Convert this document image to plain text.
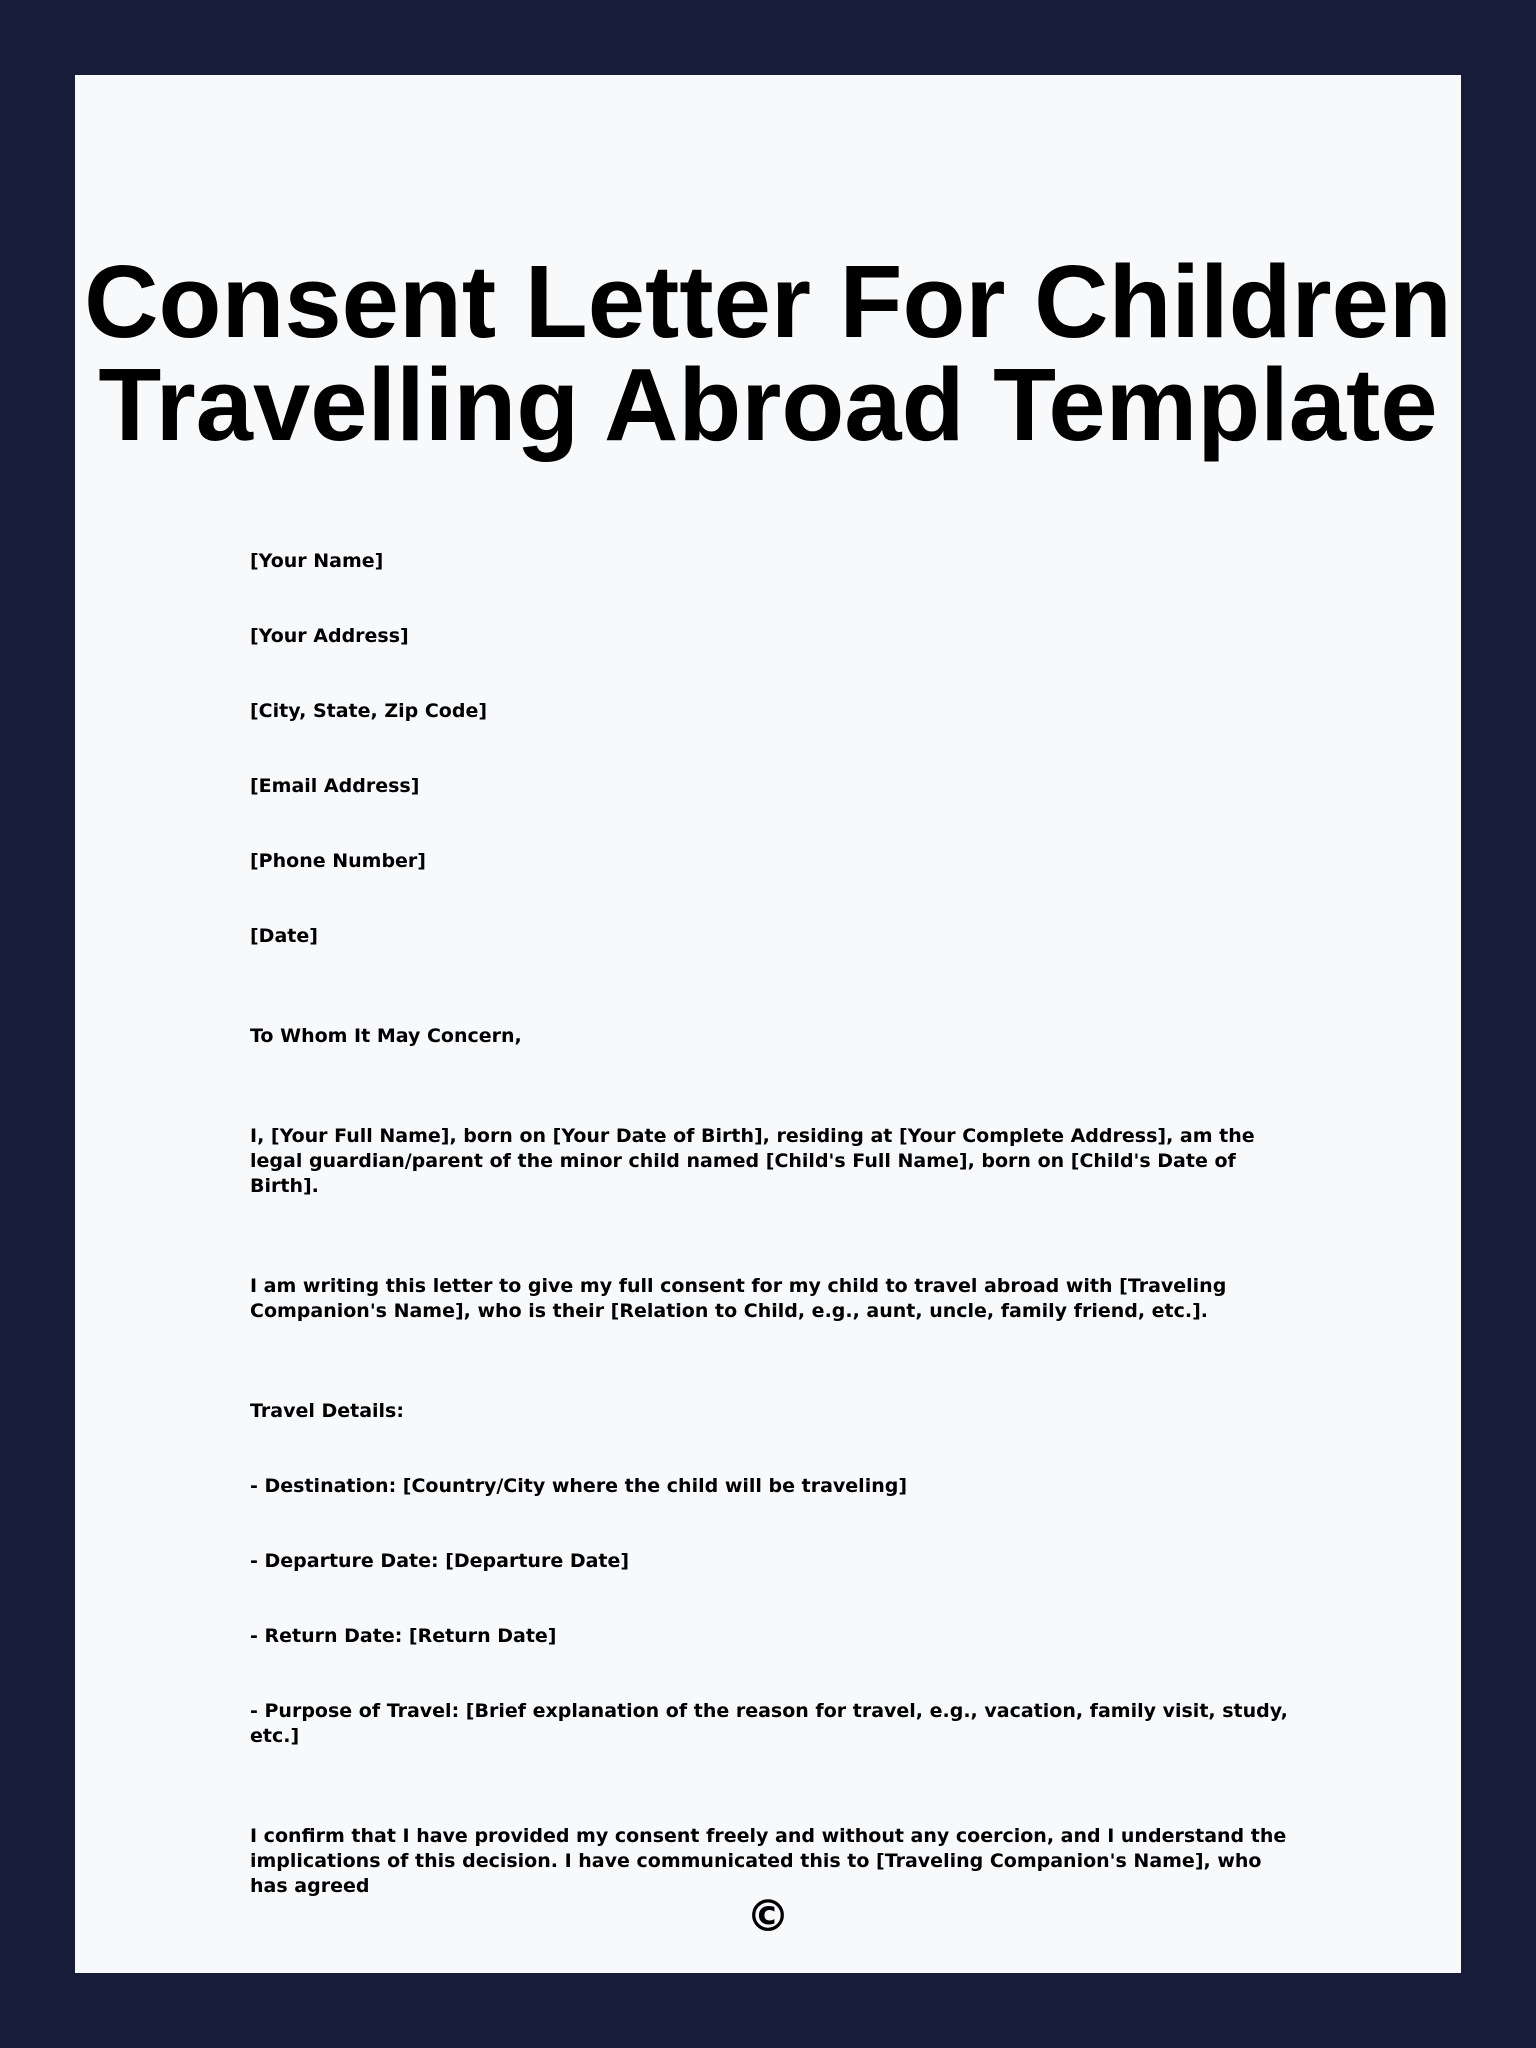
Consent Letter For Children
Travelling Abroad Template
[Your Name]
[Your Address]
[City, State, Zip Code]
[Email Address]
[Phone Number]
[Date]
To Whom It May Concern,
I, [Your Full Name], born on [Your Date of Birth], residing at [Your Complete Address], am the legal guardian/parent of the minor child named [Child's Full Name], born on [Child's Date of Birth].
I am writing this letter to give my full consent for my child to travel abroad with [Traveling Companion's Name], who is their [Relation to Child, e.g., aunt, uncle, family friend, etc.].
Travel Details:
- Destination: [Country/City where the child will be traveling]
- Departure Date: [Departure Date]
- Return Date: [Return Date]
- Purpose of Travel: [Brief explanation of the reason for travel, e.g., vacation, family visit, study, etc.]
I confirm that I have provided my consent freely and without any coercion, and I understand the implications of this decision. I have communicated this to [Traveling Companion's Name], who has agreed
©
